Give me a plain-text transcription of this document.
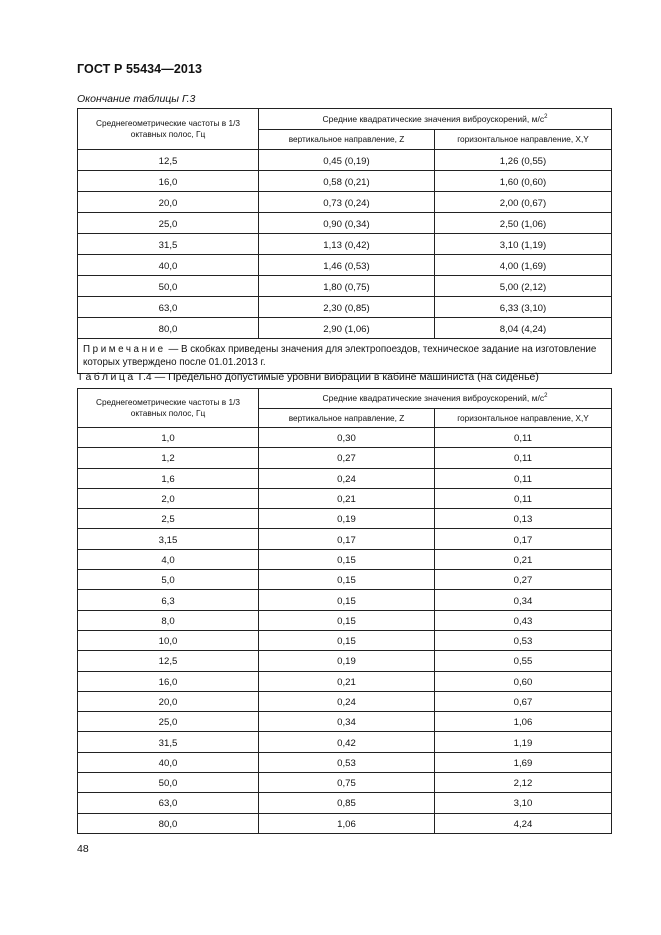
ГОСТ Р 55434—2013
Окончание таблицы Г.3
Среднегеометрические частоты в 1/3 октавных полос, Гц	Средние квадратические значения виброускорений, $м/с^2$
	вертикальное направление, Z	горизонтальное направление, X,Y
12,5	0,45 (0,19)	1,26 (0,55)
16,0	0,58 (0,21)	1,60 (0,60)
20,0	0,73 (0,24)	2,00 (0,67)
25,0	0,90 (0,34)	2,50 (1,06)
31,5	1,13 (0,42)	3,10 (1,19)
40,0	1,46 (0,53)	4,00 (1,69)
50,0	1,80 (0,75)	5,00 (2,12)
63,0	2,30 (0,85)	6,33 (3,10)
80,0	2,90 (1,06)	8,04 (4,24)
Примечание — В скобках приведены значения для электропоездов, техническое задание на изготовление которых утверждено после 01.01.2013 г.		
Таблица Г.4 — Предельно допустимые уровни вибрации в кабине машиниста (на сиденье)
Среднегеометрические частоты в 1/3 октавных полос, Гц	Средние квадратические значения виброускорений, $м/с^2$
	вертикальное направление, Z	горизонтальное направление, X,Y
1,0	0,30	0,11
1,2	0,27	0,11
1,6	0,24	0,11
2,0	0,21	0,11
2,5	0,19	0,13
3,15	0,17	0,17
4,0	0,15	0,21
5,0	0,15	0,27
6,3	0,15	0,34
8,0	0,15	0,43
10,0	0,15	0,53
12,5	0,19	0,55
16,0	0,21	0,60
20,0	0,24	0,67
25,0	0,34	1,06
31,5	0,42	1,19
40,0	0,53	1,69
50,0	0,75	2,12
63,0	0,85	3,10
80,0	1,06	4,24
48
